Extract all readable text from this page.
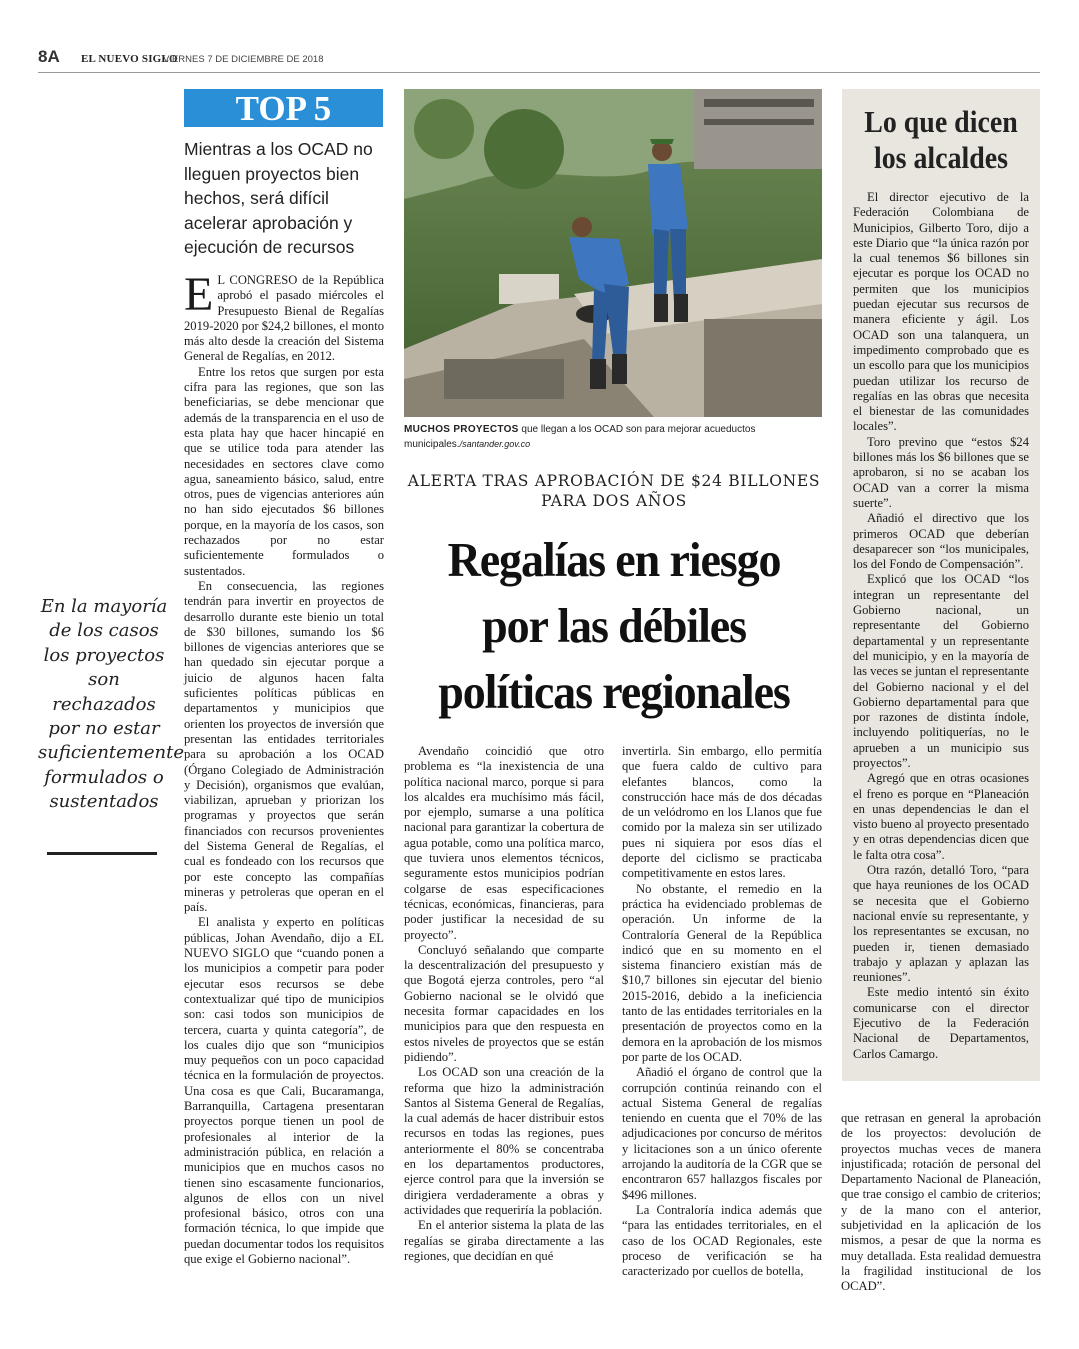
8A EL NUEVO SIGLO
VIERNES 7 DE DICIEMBRE DE 2018
TOP 5
Mientras a los OCAD no lleguen proyectos bien hechos, será difícil acelerar aprobación y ejecución de recursos

E L CONGRESO de la República aprobó el pasado miércoles el Presupuesto Bienal de Regalías 2019-2020 por $24,2 billones, el monto más alto desde la creación del Sistema General de Regalías, en 2012.

Entre los retos que surgen por esta cifra para las regiones, que son las beneficiarias, se debe mencionar que además de la transparencia en el uso de esta plata hay que hacer hincapié en que se utilice toda para atender las necesidades en sectores clave como agua, saneamiento básico, salud, entre otros, pues de vigencias anteriores aún no han sido ejecutados $6 billones porque, en la mayoría de los casos, son rechazados por no estar suficientemente formulados o sustentados.

En consecuencia, las regiones tendrán para invertir en proyectos de desarrollo durante este bienio un total de $30 billones, sumando los $6 billones de vigencias anteriores que se han quedado sin ejecutar porque a juicio de algunos hacen falta suficientes políticas públicas en departamentos y municipios que orienten los proyectos de inversión que presentan las entidades territoriales para su aprobación a los OCAD (Órgano Colegiado de Administración y Decisión), organismos que evalúan, viabilizan, aprueban y priorizan los programas y proyectos que serán financiados con recursos provenientes del Sistema General de Regalías, el cual es fondeado con los recursos que por este concepto las compañías mineras y petroleras que operan en el país.

El analista y experto en políticas públicas, Johan Avendaño, dijo a EL NUEVO SIGLO que “cuando ponen a los municipios a competir para poder ejecutar esos recursos se debe contextualizar qué tipo de municipios son: casi todos son municipios de tercera, cuarta y quinta categoría”, de los cuales dijo que son “municipios muy pequeños con un poco capacidad técnica en la formulación de proyectos. Una cosa es que Cali, Bucaramanga, Barranquilla, Cartagena presentaran proyectos porque tienen un pool de profesionales al interior de la administración pública, en relación a municipios que en muchos casos no tienen sino escasamente funcionarios, algunos de ellos con un nivel profesional básico, otros con una formación técnica, lo que impide que puedan documentar todos los requisitos que exige el Gobierno nacional”.

En la mayoría de los casos los proyectos son rechazados por no estar suficientemente formulados o sustentados
MUCHOS PROYECTOS que llegan a los OCAD son para mejorar acueductos municipales./santander.gov.co
ALERTA TRAS APROBACIÓN DE $24 BILLONES PARA DOS AÑOS
Regalías en riesgo por las débiles políticas regionales

Avendaño coincidió que otro problema es “la inexistencia de una política nacional marco, porque si para los alcaldes era muchísimo más fácil, por ejemplo, sumarse a una política nacional para garantizar la cobertura de agua potable, como una política marco, que tuviera unos elementos técnicos, seguramente estos municipios podrían colgarse de esas especificaciones técnicas, económicas, financieras, para poder justificar la necesidad de su proyecto”.

Concluyó señalando que comparte la descentralización del presupuesto y que Bogotá ejerza controles, pero “al Gobierno nacional se le olvidó que necesita formar capacidades en los municipios para que den respuesta en estos niveles de proyectos que se están pidiendo”.

Los OCAD son una creación de la reforma que hizo la administración Santos al Sistema General de Regalías, la cual además de hacer distribuir estos recursos en todas las regiones, pues anteriormente el 80% se concentraba en los departamentos productores, ejerce control para que la inversión se dirigiera verdaderamente a obras y actividades que requeriría la población.

En el anterior sistema la plata de las regalías se giraba directamente a las regiones, que decidían en qué

invertirla. Sin embargo, ello permitía que fuera caldo de cultivo para elefantes blancos, como la construcción hace más de dos décadas de un velódromo en los Llanos que fue comido por la maleza sin ser utilizado pues ni siquiera por esos días el deporte del ciclismo se practicaba competitivamente en estos lares.

No obstante, el remedio en la práctica ha evidenciado problemas de operación. Un informe de la Contraloría General de la República indicó que en su momento en el sistema financiero existían más de $10,7 billones sin ejecutar del bienio 2015-2016, debido a la ineficiencia tanto de las entidades territoriales en la presentación de proyectos como en la demora en la aprobación de los mismos por parte de los OCAD.

Añadió el órgano de control que la corrupción continúa reinando con el actual Sistema General de regalías teniendo en cuenta que el 70% de las adjudicaciones por concurso de méritos y licitaciones son a un único oferente arrojando la auditoría de la CGR que se encontraron 657 hallazgos fiscales por $496 millones.

La Contraloría indica además que “para las entidades territoriales, en el caso de los OCAD Regionales, este proceso de verificación se ha caracterizado por cuellos de botella,

Lo que dicen los alcaldes

El director ejecutivo de la Federación Colombiana de Municipios, Gilberto Toro, dijo a este Diario que “la única razón por la cual tenemos $6 billones sin ejecutar es porque los OCAD no permiten que los municipios puedan ejecutar sus recursos de manera eficiente y ágil. Los OCAD son una talanquera, un impedimento comprobado que es un escollo para que los municipios puedan utilizar los recurso de regalías en las obras que necesita el bienestar de las comunidades locales”.

Toro previno que “estos $24 billones más los $6 billones que se aprobaron, si no se acaban los OCAD van a correr la misma suerte”.

Añadió el directivo que los primeros OCAD que deberían desaparecer son “los municipales, los del Fondo de Compensación”.

Explicó que los OCAD “los integran un representante del Gobierno nacional, un representante del Gobierno departamental y un representante del municipio, y en la mayoría de las veces se juntan el representante del Gobierno nacional y el del Gobierno departamental para que por razones de distinta índole, incluyendo politiquerías, no le aprueben a un municipio sus proyectos”.

Agregó que en otras ocasiones el freno es porque en “Planeación en unas dependencias le dan el visto bueno al proyecto presentado y en otras dependencias dicen que le falta otra cosa”.

Otra razón, detalló Toro, “para que haya reuniones de los OCAD se necesita que el Gobierno nacional envíe su representante, y los representantes se excusan, no pueden ir, tienen demasiado trabajo y aplazan y aplazan las reuniones”.

Este medio intentó sin éxito comunicarse con el director Ejecutivo de la Federación Nacional de Departamentos, Carlos Camargo.

que retrasan en general la aprobación de los proyectos: devolución de proyectos muchas veces de manera injustificada; rotación de personal del Departamento Nacional de Planeación, que trae consigo el cambio de criterios; y de la mano con el anterior, subjetividad en la aplicación de los mismos, a pesar de que la norma es muy detallada. Esta realidad demuestra la fragilidad institucional de los OCAD”.
